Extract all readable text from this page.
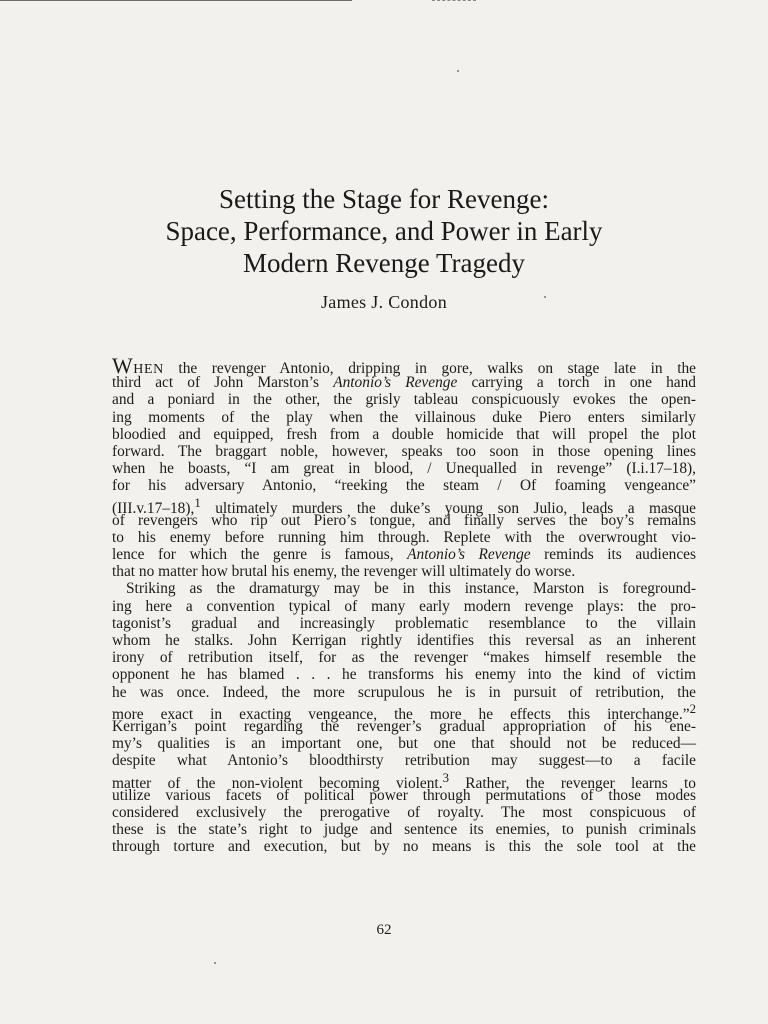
Setting the Stage for Revenge:
Space, Performance, and Power in Early
Modern Revenge Tragedy
James J. Condon
WHEN the revenger Antonio, dripping in gore, walks on stage late in the
third act of John Marston’s Antonio’s Revenge carrying a torch in one hand
and a poniard in the other, the grisly tableau conspicuously evokes the open-
ing moments of the play when the villainous duke Piero enters similarly
bloodied and equipped, fresh from a double homicide that will propel the plot
forward. The braggart noble, however, speaks too soon in those opening lines
when he boasts, “I am great in blood, / Unequalled in revenge” (I.i.17–18),
for his adversary Antonio, “reeking the steam / Of foaming vengeance”
(III.v.17–18),$^1$ ultimately murders the duke’s young son Julio, leads a masque
of revengers who rip out Piero’s tongue, and finally serves the boy’s remains
to his enemy before running him through. Replete with the overwrought vio-
lence for which the genre is famous, Antonio’s Revenge reminds its audiences
that no matter how brutal his enemy, the revenger will ultimately do worse.
Striking as the dramaturgy may be in this instance, Marston is foreground-
ing here a convention typical of many early modern revenge plays: the pro-
tagonist’s gradual and increasingly problematic resemblance to the villain
whom he stalks. John Kerrigan rightly identifies this reversal as an inherent
irony of retribution itself, for as the revenger “makes himself resemble the
opponent he has blamed . . . he transforms his enemy into the kind of victim
he was once. Indeed, the more scrupulous he is in pursuit of retribution, the
more exact in exacting vengeance, the more he effects this interchange.”$^2$
Kerrigan’s point regarding the revenger’s gradual appropriation of his ene-
my’s qualities is an important one, but one that should not be reduced—
despite what Antonio’s bloodthirsty retribution may suggest—to a facile
matter of the non-violent becoming violent.$^3$ Rather, the revenger learns to
utilize various facets of political power through permutations of those modes
considered exclusively the prerogative of royalty. The most conspicuous of
these is the state’s right to judge and sentence its enemies, to punish criminals
through torture and execution, but by no means is this the sole tool at the
62
